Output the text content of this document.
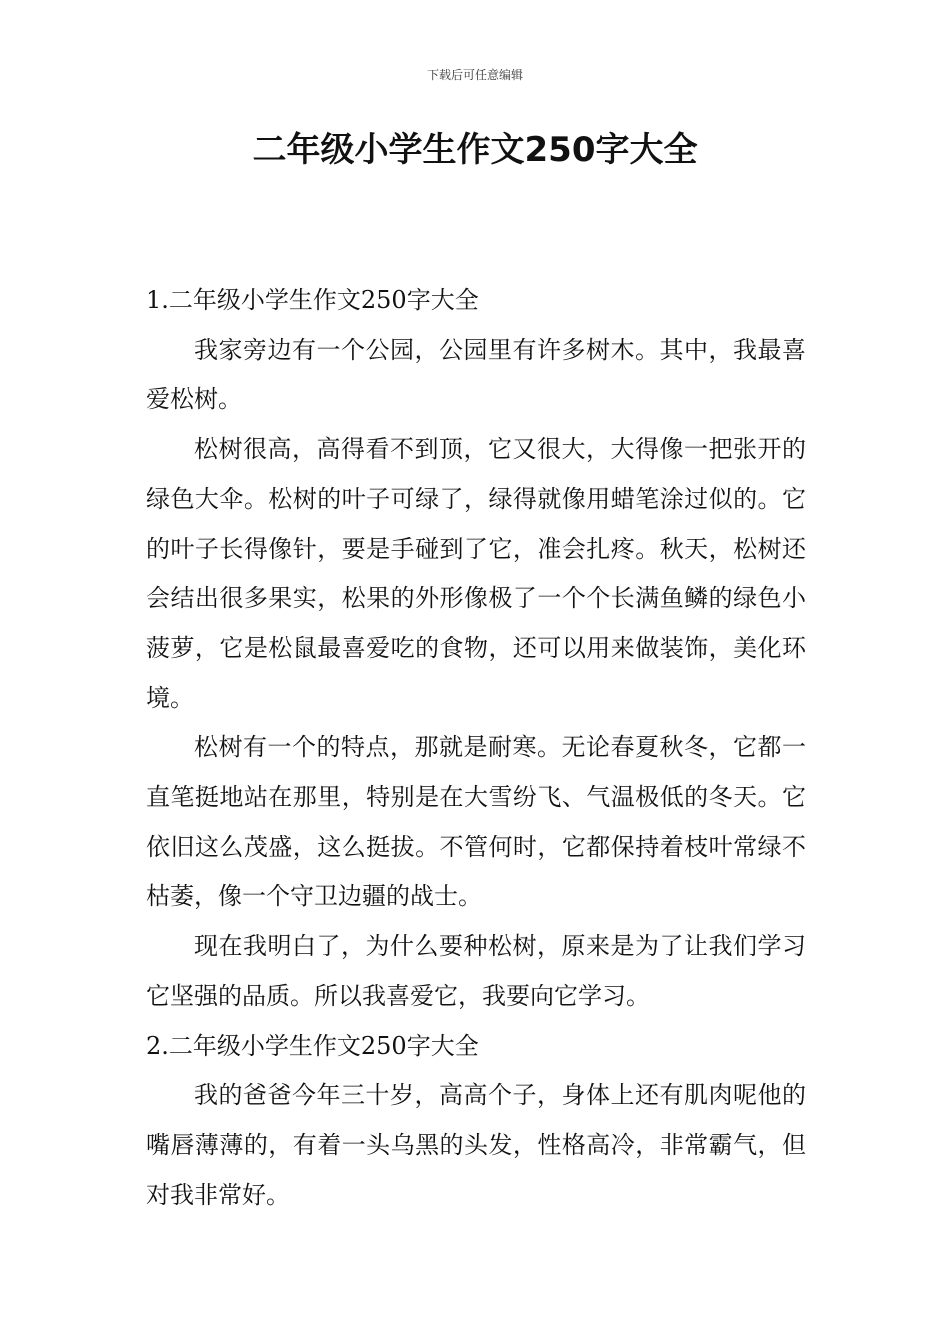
下载后可任意编辑
二年级小学生作文250字大全

1.二年级小学生作文250字大全

我家旁边有一个公园，公园里有许多树木。其中，我最喜爱松树。

松树很高，高得看不到顶，它又很大，大得像一把张开的绿色大伞。松树的叶子可绿了，绿得就像用蜡笔涂过似的。它的叶子长得像针，要是手碰到了它，准会扎疼。秋天，松树还会结出很多果实，松果的外形像极了一个个长满鱼鳞的绿色小菠萝，它是松鼠最喜爱吃的食物，还可以用来做装饰，美化环境。

松树有一个的特点，那就是耐寒。无论春夏秋冬，它都一直笔挺地站在那里，特别是在大雪纷飞、气温极低的冬天。它依旧这么茂盛，这么挺拔。不管何时，它都保持着枝叶常绿不枯萎，像一个守卫边疆的战士。

现在我明白了，为什么要种松树，原来是为了让我们学习它坚强的品质。所以我喜爱它，我要向它学习。

2.二年级小学生作文250字大全

我的爸爸今年三十岁，高高个子，身体上还有肌肉呢他的嘴唇薄薄的，有着一头乌黑的头发，性格高冷，非常霸气，但对我非常好。
